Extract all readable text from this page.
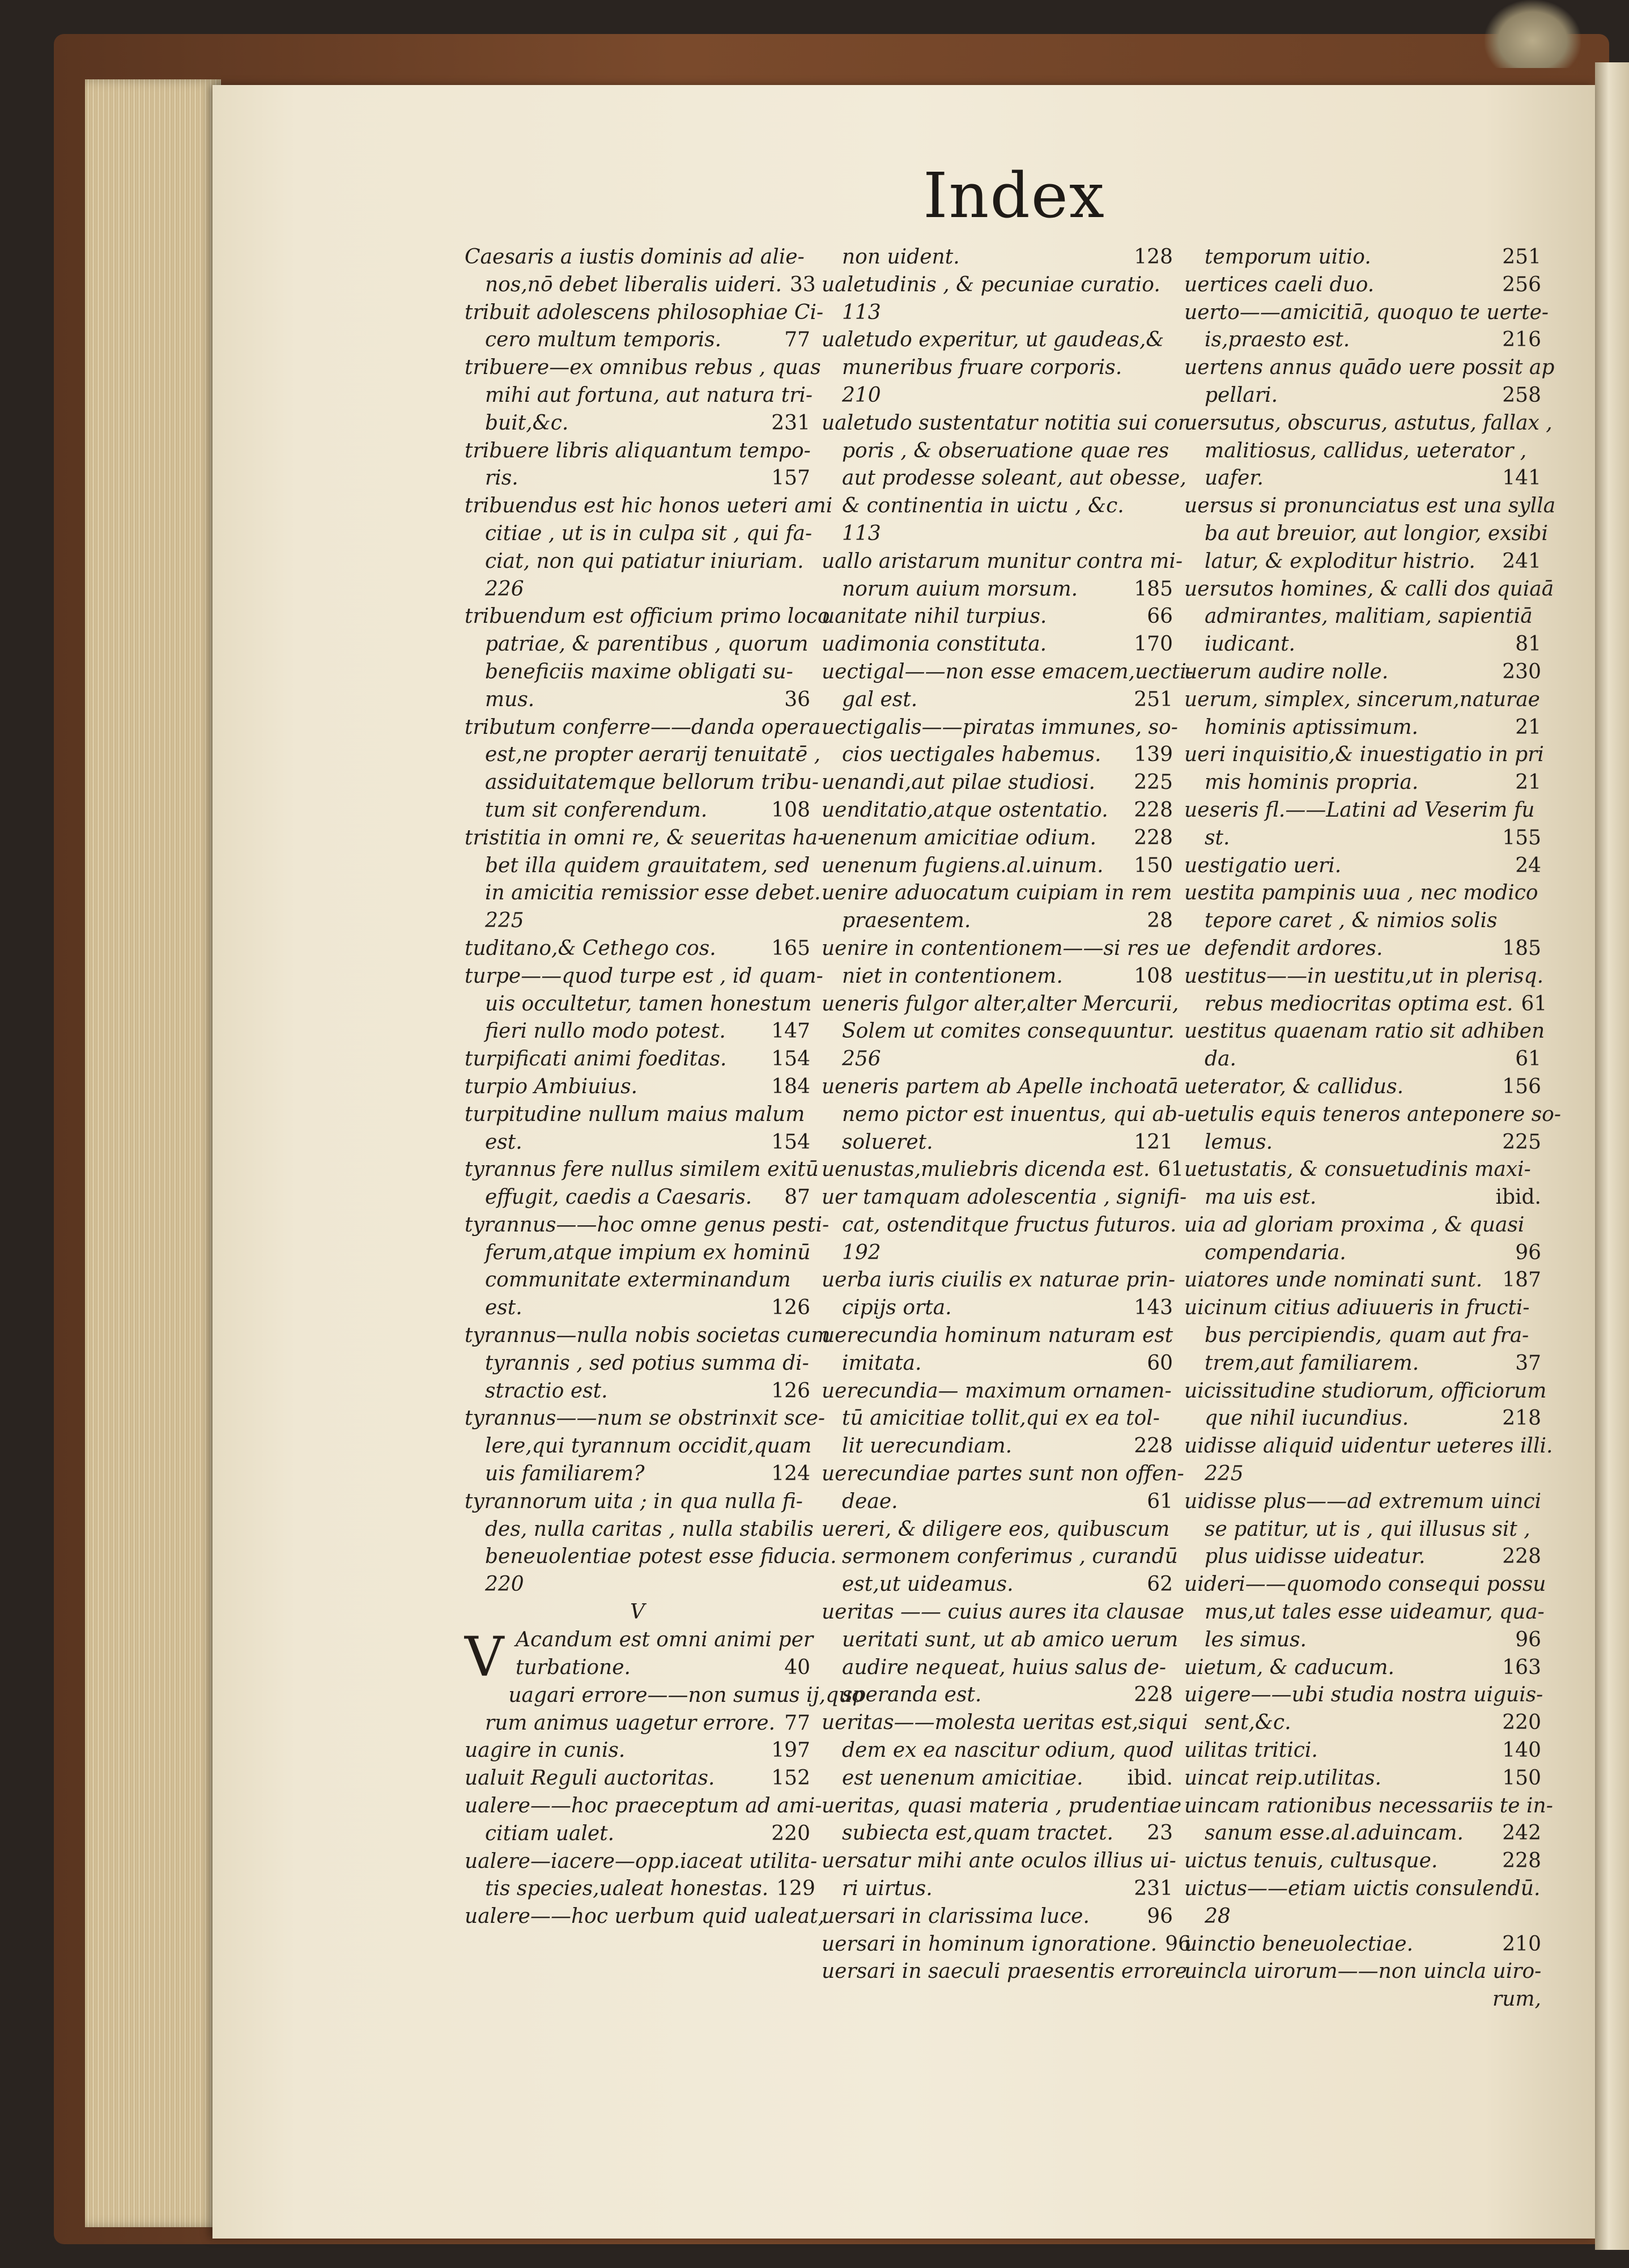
Index
Caesaris a iustis dominis ad alie-
nos,nō debet liberalis uideri. 33
tribuit adolescens philosophiae Ci-
cero multum temporis.	77
tribuere—ex omnibus rebus , quas
mihi aut fortuna, aut natura tri-
buit,&c.	231
tribuere libris aliquantum tempo-
ris.	157
tribuendus est hic honos ueteri ami
citiae , ut is in culpa sit , qui fa-
ciat, non qui patiatur iniuriam.
226
tribuendum est officium primo loco
patriae, & parentibus , quorum
beneficiis maxime obligati su-
mus.	36
tributum conferre——danda opera
est,ne propter aerarij tenuitatē ,
assiduitatemque bellorum tribu-
tum sit conferendum.	108
tristitia in omni re, & seueritas ha-
bet illa quidem grauitatem, sed
in amicitia remissior esse debet.
225
tuditano,& Cethego cos.	165
turpe——quod turpe est , id quam-
uis occultetur, tamen honestum
fieri nullo modo potest. 147
turpificati animi foeditas. 154
turpio Ambiuius.	184
turpitudine nullum maius malum
est.	154
tyrannus fere nullus similem exitū
effugit, caedis a Caesaris. 87
tyrannus——hoc omne genus pesti-
ferum,atque impium ex hominū
communitate exterminandum
est.	126
tyrannus—nulla nobis societas cum
tyrannis , sed potius summa di-
stractio est.	126
tyrannus——num se obstrinxit sce-
lere,qui tyrannum occidit,quam
uis familiarem?	124
tyrannorum uita ; in qua nulla fi-
des, nulla caritas , nulla stabilis
beneuolentiae potest esse fiducia.
220
V
V Acandum est omni animi per
turbatione.	40
uagari errore——non sumus ij,quo
rum animus uagetur errore. 77
uagire in cunis.	197
ualuit Reguli auctoritas.	152
ualere——hoc praeceptum ad ami-
citiam ualet.	220
ualere—iacere—opp.iaceat utilita-
tis species,ualeat honestas. 129
ualere——hoc uerbum quid ualeat,
non uident.	128
ualetudinis , & pecuniae curatio.
113
ualetudo experitur, ut gaudeas,&
muneribus fruare corporis.
210
ualetudo sustentatur notitia sui cor
poris , & obseruatione quae res
aut prodesse soleant, aut obesse,
& continentia in uictu , &c.
113
uallo aristarum munitur contra mi-
norum auium morsum.	185
uanitate nihil turpius.	66
uadimonia constituta.	170
uectigal——non esse emacem,uecti-
gal est.	251
uectigalis——piratas immunes, so-
cios uectigales habemus. 139
uenandi,aut pilae studiosi. 225
uenditatio,atque ostentatio. 228
uenenum amicitiae odium. 228
uenenum fugiens.al.uinum. 150
uenire aduocatum cuipiam in rem
praesentem.	28
uenire in contentionem——si res ue
niet in contentionem.	108
ueneris fulgor alter,alter Mercurii,
Solem ut comites consequuntur.
256
ueneris partem ab Apelle inchoatā
nemo pictor est inuentus, qui ab-
solueret.	121
uenustas,muliebris dicenda est. 61
uer tamquam adolescentia , signifi-
cat, ostenditque fructus futuros.
192
uerba iuris ciuilis ex naturae prin-
cipijs orta.	143
uerecundia hominum naturam est
imitata.	60
uerecundia— maximum ornamen-
tū amicitiae tollit,qui ex ea tol-
lit uerecundiam.	228
uerecundiae partes sunt non offen-
deae.	61
uereri, & diligere eos, quibuscum
sermonem conferimus , curandū
est,ut uideamus.	62
ueritas —— cuius aures ita clausae
ueritati sunt, ut ab amico uerum
audire nequeat, huius salus de-
speranda est.	228
ueritas——molesta ueritas est,siqui
dem ex ea nascitur odium, quod
est uenenum amicitiae. ibid.
ueritas, quasi materia , prudentiae
subiecta est,quam tractet. 23
uersatur mihi ante oculos illius ui-
ri uirtus.	231
uersari in clarissima luce.	96
uersari in hominum ignoratione. 96
uersari in saeculi praesentis errore
temporum uitio.	251
uertices caeli duo.	256
uerto——amicitiā, quoquo te uerte-
is,praesto est.	216
uertens annus quādo uere possit ap
pellari.	258
uersutus, obscurus, astutus, fallax ,
malitiosus, callidus, ueterator ,
uafer.	141
uersus si pronunciatus est una sylla
ba aut breuior, aut longior, exsibi
latur, & exploditur histrio. 241
uersutos homines, & calli dos quiaā
admirantes, malitiam, sapientiā
iudicant.	81
uerum audire nolle.	230
uerum, simplex, sincerum,naturae
hominis aptissimum.	21
ueri inquisitio,& inuestigatio in pri
mis hominis propria.	21
ueseris fl.——Latini ad Veserim fu
st.	155
uestigatio ueri.	24
uestita pampinis uua , nec modico
tepore caret , & nimios solis
defendit ardores.	185
uestitus——in uestitu,ut in plerisq.
rebus mediocritas optima est. 61
uestitus quaenam ratio sit adhiben
da.	61
ueterator, & callidus.	156
uetulis equis teneros anteponere so-
lemus.	225
uetustatis, & consuetudinis maxi-
ma uis est.	ibid.
uia ad gloriam proxima , & quasi
compendaria.	96
uiatores unde nominati sunt. 187
uicinum citius adiuueris in fructi-
bus percipiendis, quam aut fra-
trem,aut familiarem.	37
uicissitudine studiorum, officiorum
que nihil iucundius.	218
uidisse aliquid uidentur ueteres illi.
225
uidisse plus——ad extremum uinci
se patitur, ut is , qui illusus sit ,
plus uidisse uideatur.	228
uideri——quomodo consequi possu
mus,ut tales esse uideamur, qua-
les simus.	96
uietum, & caducum.	163
uigere——ubi studia nostra uiguis-
sent,&c.	220
uilitas tritici.	140
uincat reip.utilitas.	150
uincam rationibus necessariis te in-
sanum esse.al.aduincam. 242
uictus tenuis, cultusque.	228
uictus——etiam uictis consulendū.
28
uinctio beneuolectiae.	210
uincla uirorum——non uincla uiro-
rum,
